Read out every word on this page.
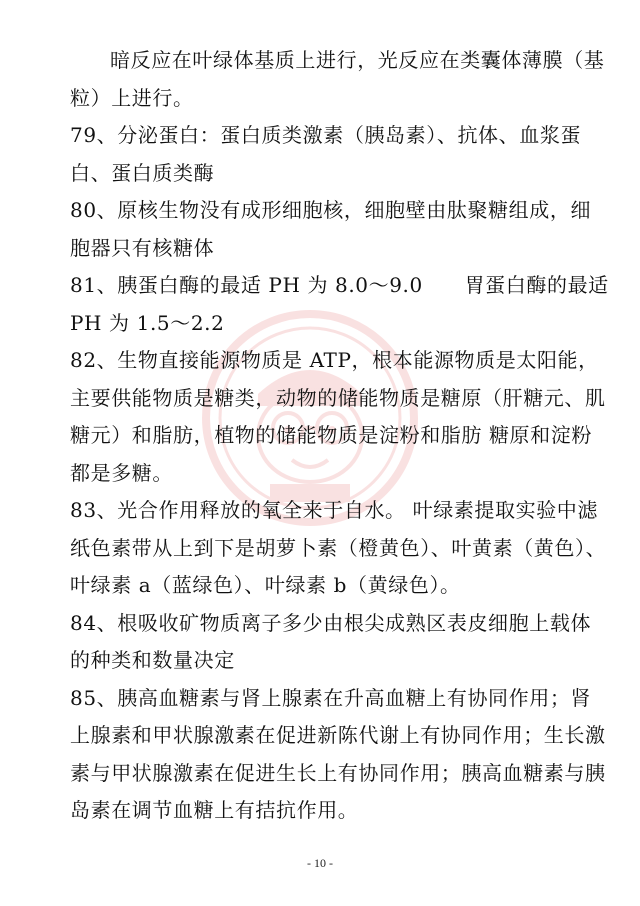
暗反应在叶绿体基质上进行，光反应在类囊体薄膜（基粒）上进行。

79、分泌蛋白：蛋白质类激素（胰岛素）、抗体、血浆蛋白、蛋白质类酶

80、原核生物没有成形细胞核，细胞壁由肽聚糖组成，细胞器只有核糖体

81、胰蛋白酶的最适 PH 为 8.0～9.0      胃蛋白酶的最适 PH 为 1.5～2.2

82、生物直接能源物质是 ATP，根本能源物质是太阳能，主要供能物质是糖类，动物的储能物质是糖原（肝糖元、肌糖元）和脂肪，植物的储能物质是淀粉和脂肪 糖原和淀粉都是多糖。

83、光合作用释放的氧全来于自水。 叶绿素提取实验中滤纸色素带从上到下是胡萝卜素（橙黄色）、叶黄素（黄色）、叶绿素 a（蓝绿色）、叶绿素 b（黄绿色）。

84、根吸收矿物质离子多少由根尖成熟区表皮细胞上载体的种类和数量决定

85、胰高血糖素与肾上腺素在升高血糖上有协同作用；肾上腺素和甲状腺激素在促进新陈代谢上有协同作用；生长激素与甲状腺激素在促进生长上有协同作用；胰高血糖素与胰岛素在调节血糖上有拮抗作用。

- 10 -
